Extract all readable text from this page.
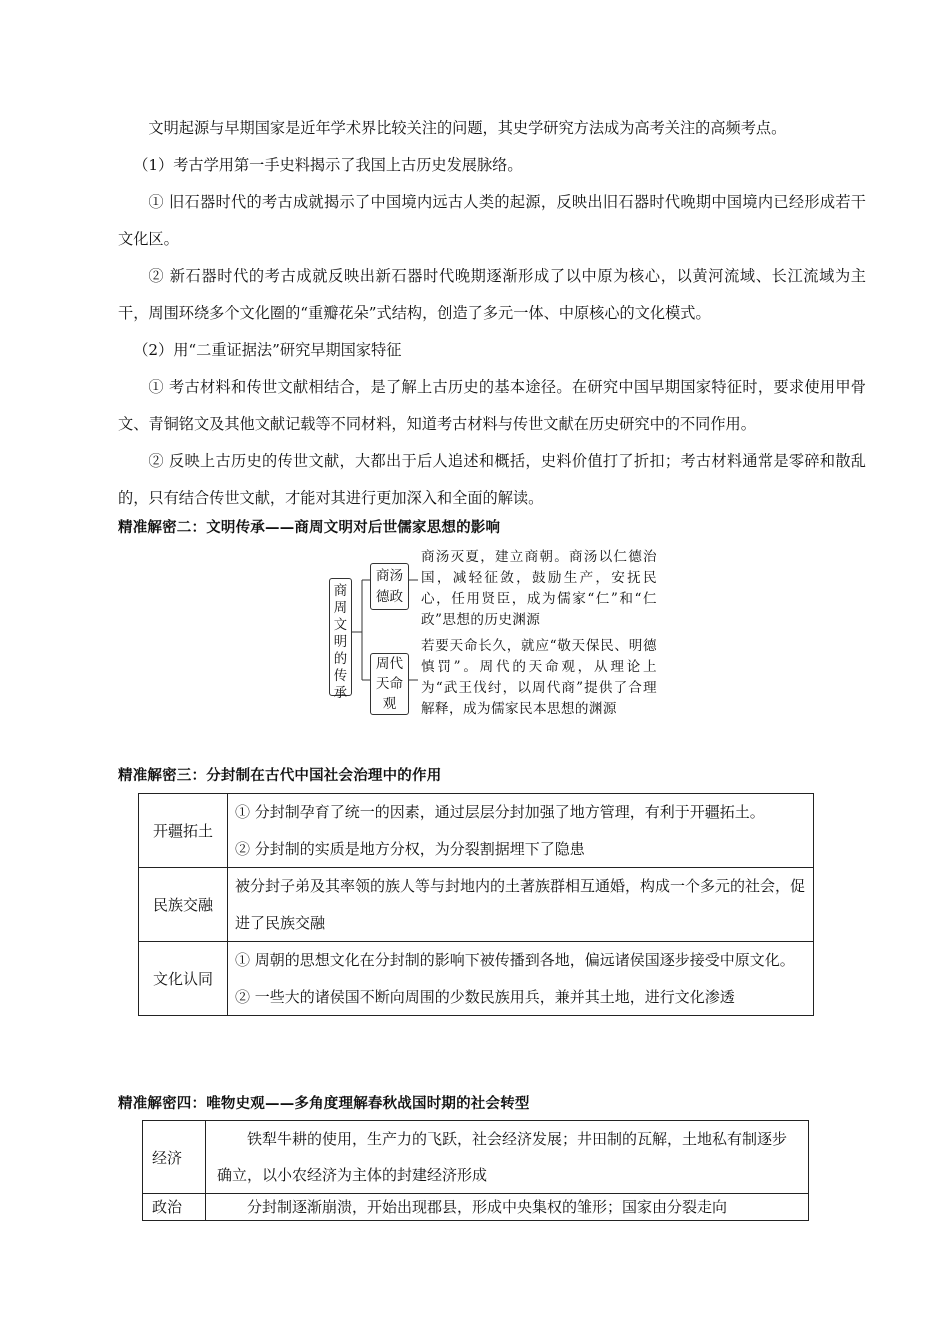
文明起源与早期国家是近年学术界比较关注的问题，其史学研究方法成为高考关注的高频考点。

（1）考古学用第一手史料揭示了我国上古历史发展脉络。

① 旧石器时代的考古成就揭示了中国境内远古人类的起源，反映出旧石器时代晚期中国境内已经形成若干文化区。

② 新石器时代的考古成就反映出新石器时代晚期逐渐形成了以中原为核心，以黄河流域、长江流域为主干，周围环绕多个文化圈的“重瓣花朵”式结构，创造了多元一体、中原核心的文化模式。

（2）用“二重证据法”研究早期国家特征

① 考古材料和传世文献相结合，是了解上古历史的基本途径。在研究中国早期国家特征时，要求使用甲骨文、青铜铭文及其他文献记载等不同材料，知道考古材料与传世文献在历史研究中的不同作用。

② 反映上古历史的传世文献，大都出于后人追述和概括，史料价值打了折扣；考古材料通常是零碎和散乱的，只有结合传世文献，才能对其进行更加深入和全面的解读。

精准解密二：文明传承——商周文明对后世儒家思想的影响
商
周
文
明
的
传
承
商汤
德政
周代
天命
观
商汤灭夏，建立商朝。商汤以仁德治国，减轻征敛，鼓励生产，安抚民心，任用贤臣，成为儒家“仁”和“仁政”思想的历史渊源
若要天命长久，就应“敬天保民、明德慎罚”。周代的天命观，从理论上为“武王伐纣，以周代商”提供了合理解释，成为儒家民本思想的渊源
精准解密三：分封制在古代中国社会治理中的作用
开疆拓土	① 分封制孕育了统一的因素，通过层层分封加强了地方管理，有利于开疆拓土。
② 分封制的实质是地方分权，为分裂割据埋下了隐患

民族交融	被分封子弟及其率领的族人等与封地内的土著族群相互通婚，构成一个多元的社会，促进了民族交融

文化认同	① 周朝的思想文化在分封制的影响下被传播到各地，偏远诸侯国逐步接受中原文化。
② 一些大的诸侯国不断向周围的少数民族用兵，兼并其土地，进行文化渗透
精准解密四：唯物史观——多角度理解春秋战国时期的社会转型
经济	铁犁牛耕的使用，生产力的飞跃，社会经济发展；井田制的瓦解，土地私有制逐步确立，以小农经济为主体的封建经济形成

政治	分封制逐渐崩溃，开始出现郡县，形成中央集权的雏形；国家由分裂走向
